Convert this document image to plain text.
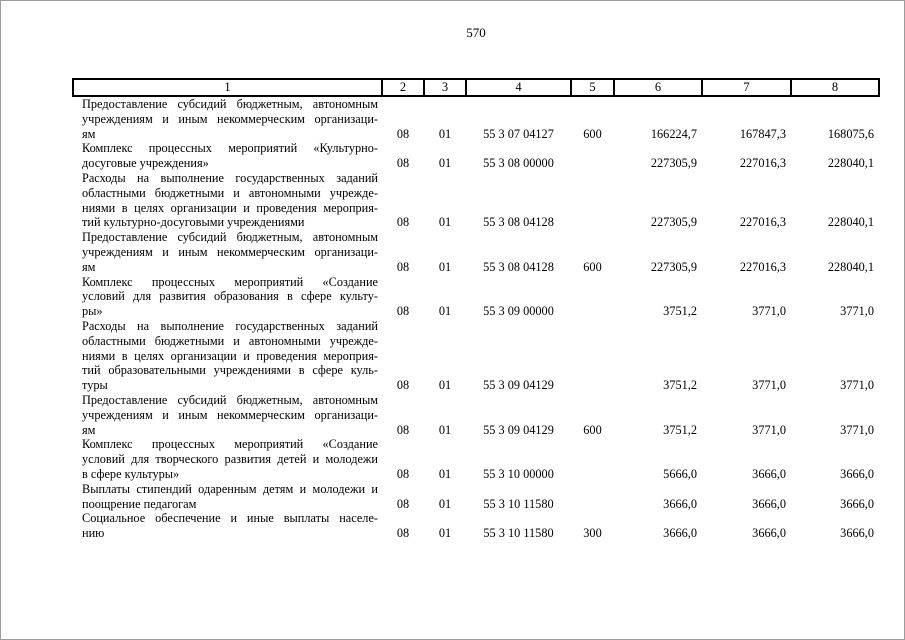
570
1	2	3	4	5	6	7	8

Предоставление субсидий бюджетным, автономным
учреждениям и иным некоммерческим организаци-
ям	08	01	55 3 07 04127	600	166224,7	167847,3	168075,6

Комплекс процессных мероприятий «Культурно-
досуговые учреждения»	08	01	55 3 08 00000		227305,9	227016,3	228040,1

Расходы на выполнение государственных заданий
областными бюджетными и автономными учрежде-
ниями в целях организации и проведения мероприя-
тий культурно-досуговыми учреждениями	08	01	55 3 08 04128		227305,9	227016,3	228040,1

Предоставление субсидий бюджетным, автономным
учреждениям и иным некоммерческим организаци-
ям	08	01	55 3 08 04128	600	227305,9	227016,3	228040,1

Комплекс процессных мероприятий «Создание
условий для развития образования в сфере культу-
ры»	08	01	55 3 09 00000		3751,2	3771,0	3771,0

Расходы на выполнение государственных заданий
областными бюджетными и автономными учрежде-
ниями в целях организации и проведения мероприя-
тий образовательными учреждениями в сфере куль-
туры	08	01	55 3 09 04129		3751,2	3771,0	3771,0

Предоставление субсидий бюджетным, автономным
учреждениям и иным некоммерческим организаци-
ям	08	01	55 3 09 04129	600	3751,2	3771,0	3771,0

Комплекс процессных мероприятий «Создание
условий для творческого развития детей и молодежи
в сфере культуры»	08	01	55 3 10 00000		5666,0	3666,0	3666,0

Выплаты стипендий одаренным детям и молодежи и
поощрение педагогам	08	01	55 3 10 11580		3666,0	3666,0	3666,0

Социальное обеспечение и иные выплаты населе-
нию	08	01	55 3 10 11580	300	3666,0	3666,0	3666,0
